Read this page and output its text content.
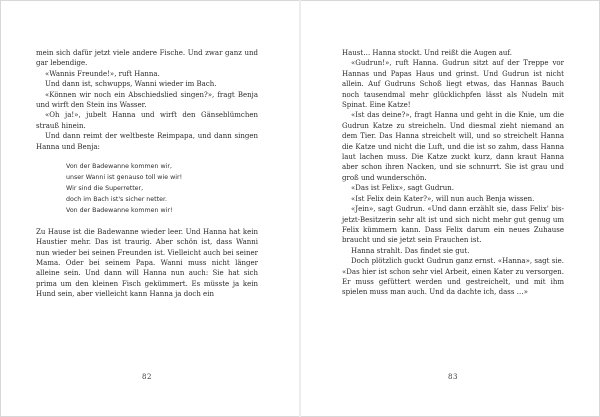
mein sich dafür jetzt viele andere Fische. Und zwar ganz und gar lebendige.

«Wannis Freunde!», ruft Hanna.

Und dann ist, schwupps, Wanni wieder im Bach.

«Können wir noch ein Abschiedslied singen?», fragt Benja und wirft den Stein ins Wasser.

«Oh ja!», jubelt Hanna und wirft den Gänseblümchen strauß hinein.

Und dann reimt der weltbeste Reimpapa, und dann singen Hanna und Benja:

Von der Badewanne kommen wir,
unser Wanni ist genauso toll wie wir!
Wir sind die Superretter,
doch im Bach ist's sicher netter.
Von der Badewanne kommen wir!

Zu Hause ist die Badewanne wieder leer. Und Hanna hat kein Haustier mehr. Das ist traurig. Aber schön ist, dass Wanni nun wieder bei seinen Freunden ist. Vielleicht auch bei seiner Mama. Oder bei seinem Papa. Wanni muss nicht länger alleine sein. Und dann will Hanna nun auch: Sie hat sich prima um den kleinen Fisch gekümmert. Es müsste ja kein Hund sein, aber vielleicht kann Hanna ja doch ein

Haust… Hanna stockt. Und reißt die Augen auf.

«Gudrun!», ruft Hanna. Gudrun sitzt auf der Treppe vor Hannas und Papas Haus und grinst. Und Gudrun ist nicht allein. Auf Gudruns Schoß liegt etwas, das Hannas Bauch noch tausendmal mehr glücklichpfen lässt als Nudeln mit Spinat. Eine Katze!

«Ist das deine?», fragt Hanna und geht in die Knie, um die Gudrun Katze zu streicheln. Und diesmal zieht niemand an dem Tier. Das Hanna streichelt will, und so streichelt Hanna die Katze und nicht die Luft, und die ist so zahm, dass Hanna laut lachen muss. Die Katze zuckt kurz, dann kraut Hanna aber schon ihren Nacken, und sie schnurrt. Sie ist grau und groß und wunderschön.

«Das ist Felix», sagt Gudrun.

«Ist Felix dein Kater?», will nun auch Benja wissen.

«Jein», sagt Gudrun. «Und dann erzählt sie, dass Felix' bis-jetzt-Besitzerin sehr alt ist und sich nicht mehr gut genug um Felix kümmern kann. Dass Felix darum ein neues Zuhause braucht und sie jetzt sein Frauchen ist.

Hanna strahlt. Das findet sie gut.

Doch plötzlich guckt Gudrun ganz ernst. «Hanna», sagt sie. «Das hier ist schon sehr viel Arbeit, einen Kater zu versorgen. Er muss gefüttert werden und gestreichelt, und mit ihm spielen muss man auch. Und da dachte ich, dass …»

82	83
